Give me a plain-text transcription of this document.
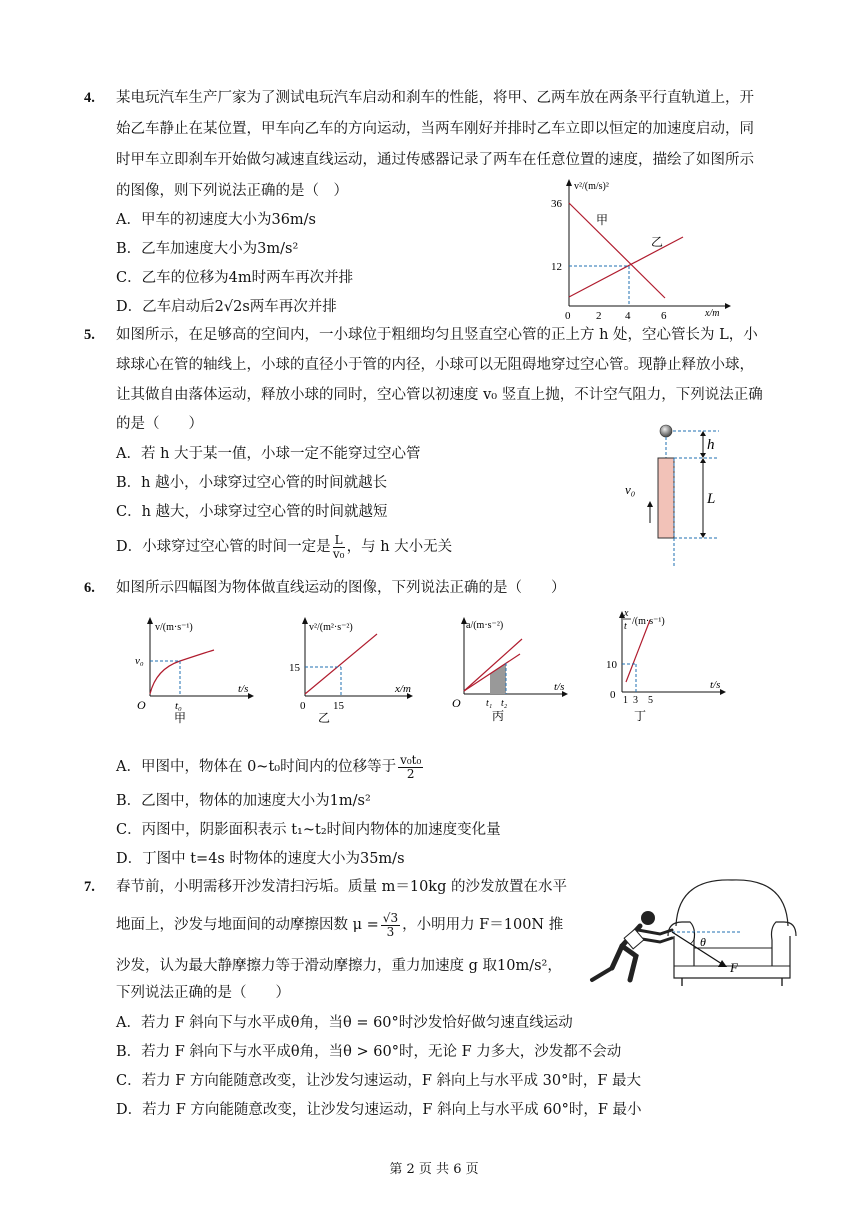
4. 某电玩汽车生产厂家为了测试电玩汽车启动和刹车的性能，将甲、乙两车放在两条平行直轨道上，开
始乙车静止在某位置，甲车向乙车的方向运动，当两车刚好并排时乙车立即以恒定的加速度启动，同
时甲车立即刹车开始做匀减速直线运动，通过传感器记录了两车在任意位置的速度，描绘了如图所示
的图像，则下列说法正确的是（　）
A．甲车的初速度大小为36m/s
B．乙车加速度大小为3m/s²
C．乙车的位移为4m时两车再次并排
D．乙车启动后2√2s两车再次并排
v²/(m/s)²
x/m
36
12
0 2 4	6
甲
乙
5. 如图所示，在足够高的空间内，一小球位于粗细均匀且竖直空心管的正上方 h 处，空心管长为 L，小
球球心在管的轴线上，小球的直径小于管的内径，小球可以无阻碍地穿过空心管。现静止释放小球，
让其做自由落体运动，释放小球的同时，空心管以初速度 v₀ 竖直上抛，不计空气阻力，下列说法正确
的是（　　）
A．若 h 大于某一值，小球一定不能穿过空心管
B．h 越小，小球穿过空心管的时间就越长
C．h 越大，小球穿过空心管的时间就越短
D．小球穿过空心管的时间一定是 $\frac{L}{\text{v₀}}$ ，与 h 大小无关
h
L
v₀
6. 如图所示四幅图为物体做直线运动的图像，下列说法正确的是（　　）
v/(m·s⁻¹)
t/s
v₀
t₀
O
甲
v²/(m²·s⁻²)
x/m
15
15
0
乙
a/(m·s⁻²)
t/s
t₁ t₂
O
丙
x
t /(m·s⁻¹)
t/s
10
0 1 3 5
丁
A．甲图中，物体在 0~t₀时间内的位移等于 $\frac{\text{v₀t₀}}{2}$
B．乙图中，物体的加速度大小为1m/s²
C．丙图中，阴影面积表示 t₁~t₂时间内物体的加速度变化量
D．丁图中 t=4s 时物体的速度大小为35m/s
7. 春节前，小明需移开沙发清扫污垢。质量 m＝10kg 的沙发放置在水平
地面上，沙发与地面间的动摩擦因数 $\mu = \frac{√3}{3}$ ，小明用力 F＝100N 推
沙发，认为最大静摩擦力等于滑动摩擦力，重力加速度 g 取10m/s²，
下列说法正确的是（　　）
A．若力 F 斜向下与水平成θ角，当θ = 60°时沙发恰好做匀速直线运动
B．若力 F 斜向下与水平成θ角，当θ > 60°时，无论 F 力多大，沙发都不会动
C．若力 F 方向能随意改变，让沙发匀速运动，F 斜向上与水平成 30°时，F 最大
D．若力 F 方向能随意改变，让沙发匀速运动，F 斜向上与水平成 60°时，F 最小
θ
F
第 2 页 共 6 页
